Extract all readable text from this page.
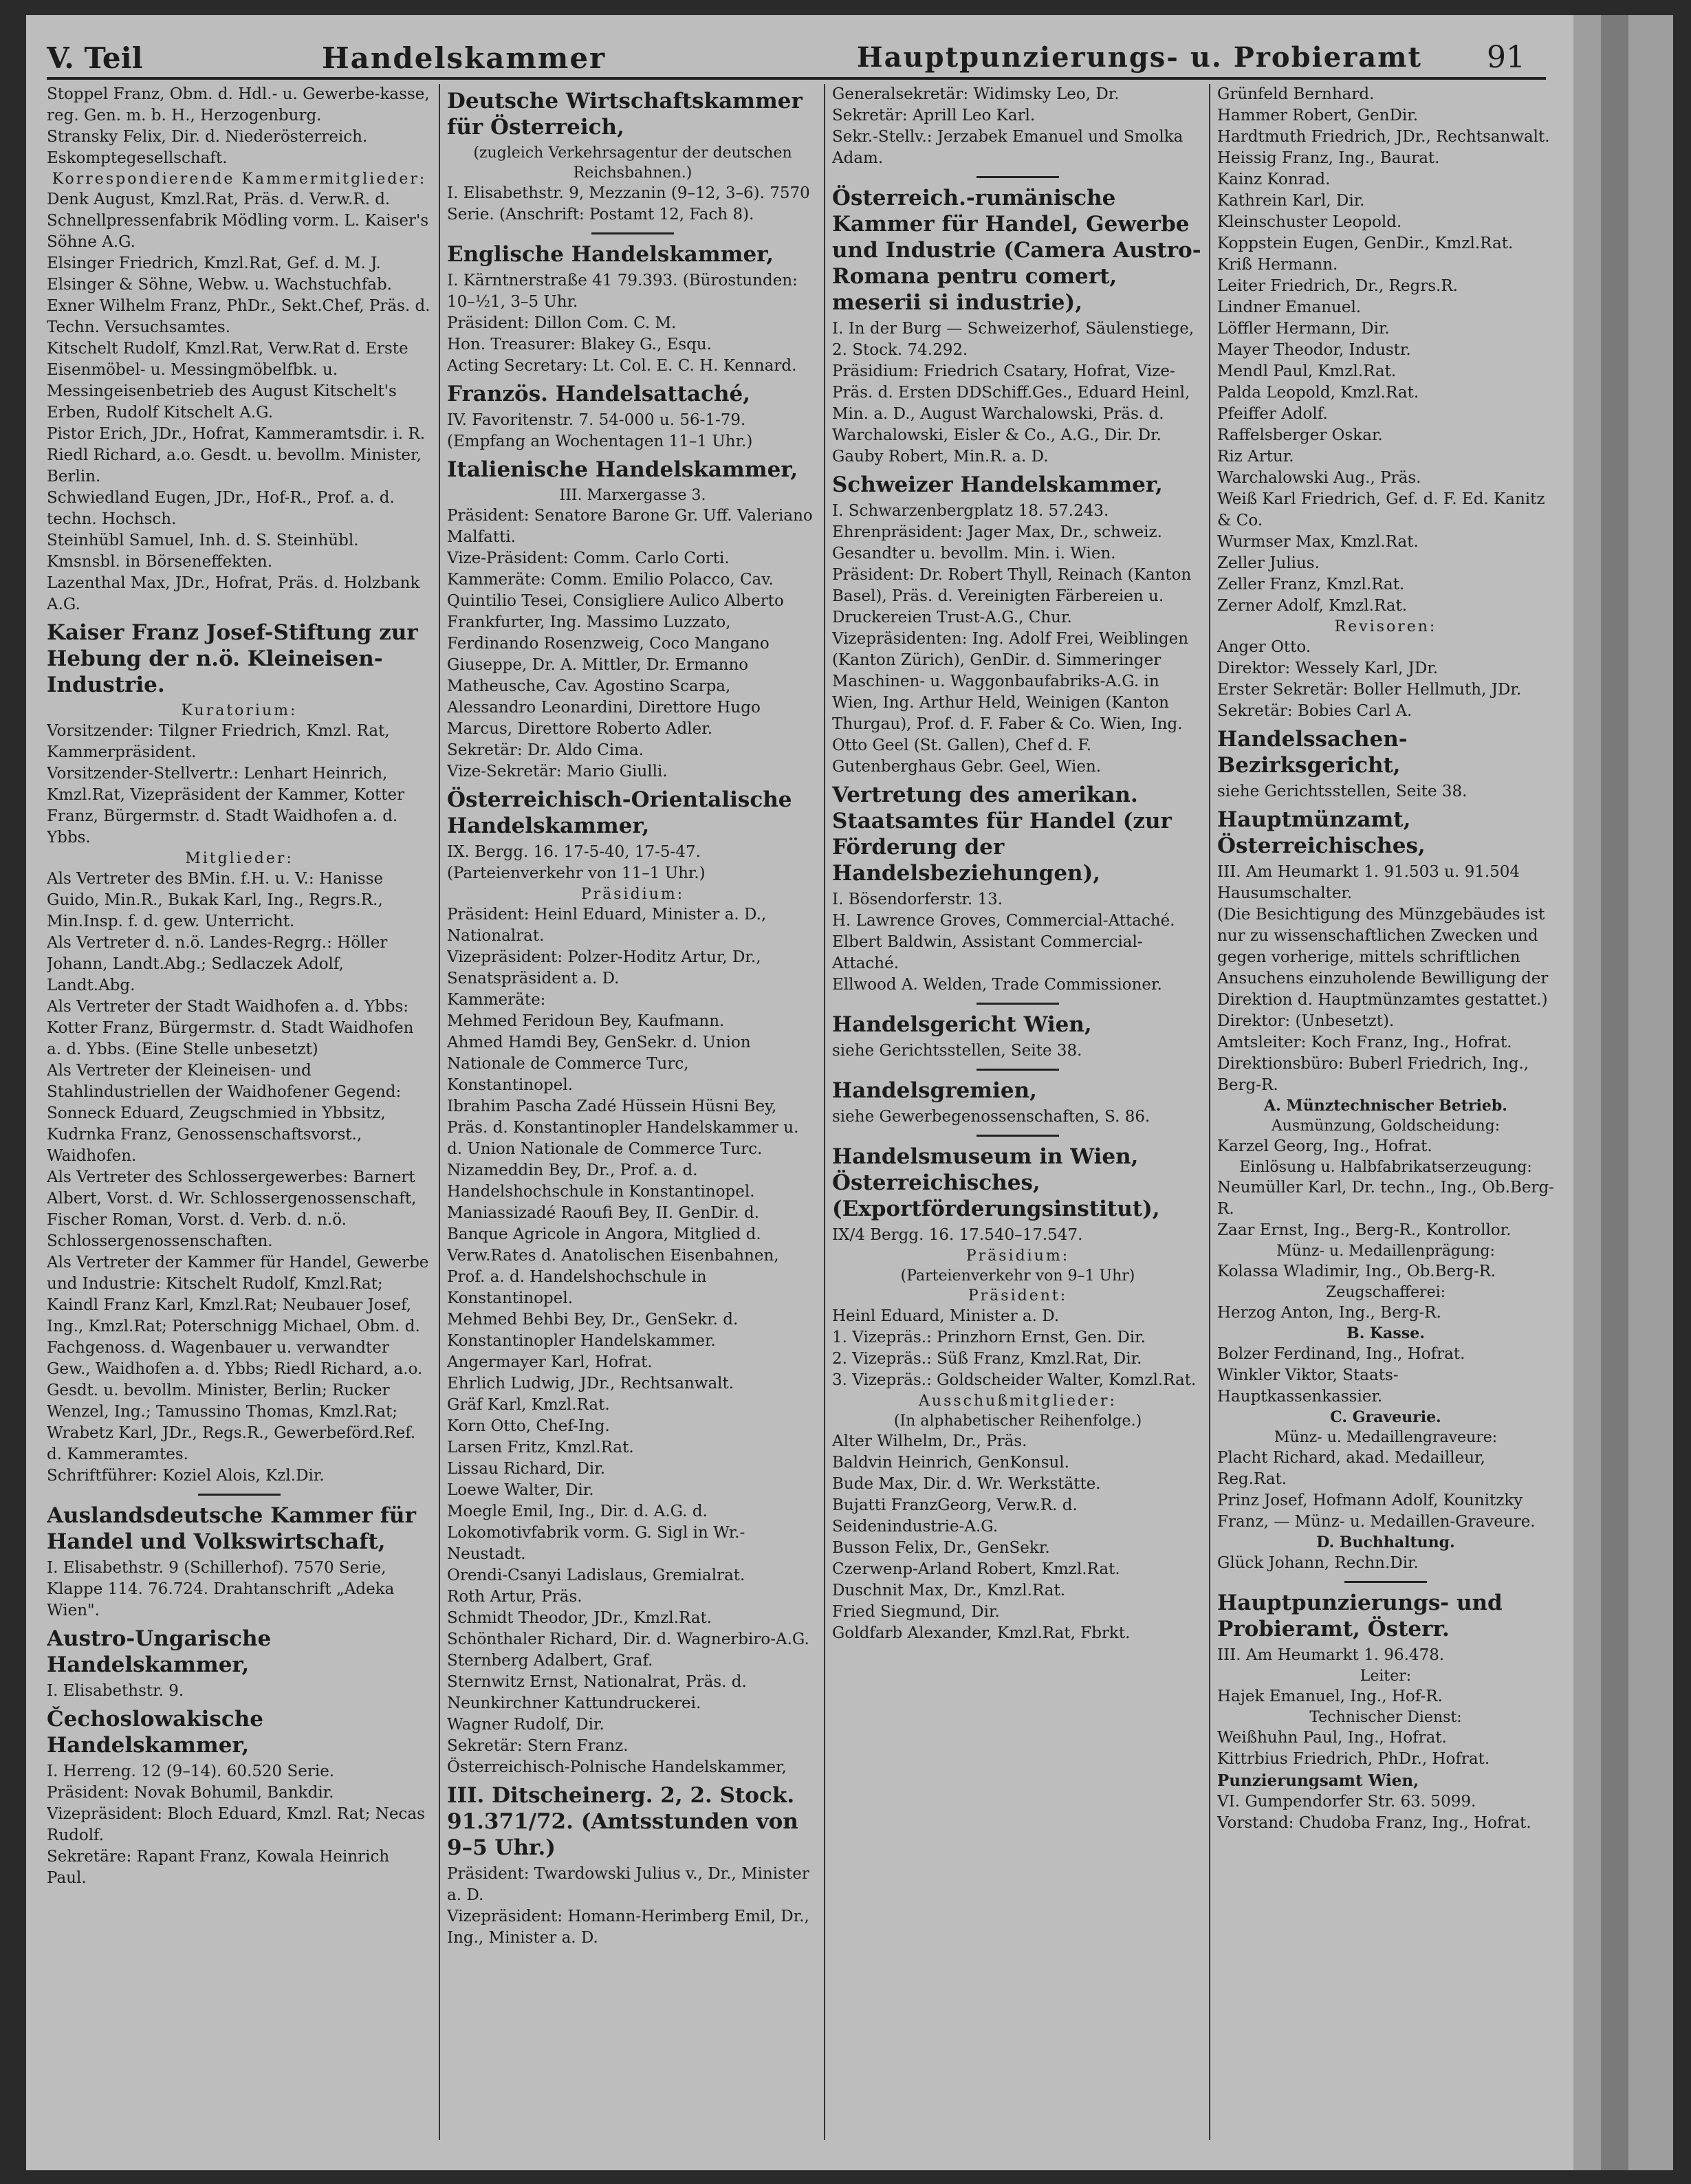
V. Teil	Handelskammer	Hauptpunzierungs- u. Probieramt 91

Stoppel Franz, Obm. d. Hdl.- u. Gewerbe-kasse, reg. Gen. m. b. H., Herzogenburg.

Stransky Felix, Dir. d. Niederösterreich. Eskomptegesellschaft.

Korrespondierende Kammermitglieder:

Denk August, Kmzl.Rat, Präs. d. Verw.R. d. Schnellpressenfabrik Mödling vorm. L. Kaiser's Söhne A.G.

Elsinger Friedrich, Kmzl.Rat, Gef. d. M. J. Elsinger & Söhne, Webw. u. Wachstuchfab.

Exner Wilhelm Franz, PhDr., Sekt.Chef, Präs. d. Techn. Versuchsamtes.

Kitschelt Rudolf, Kmzl.Rat, Verw.Rat d. Erste Eisenmöbel- u. Messingmöbelfbk. u. Messingeisenbetrieb des August Kitschelt's Erben, Rudolf Kitschelt A.G.

Pistor Erich, JDr., Hofrat, Kammeramtsdir. i. R.

Riedl Richard, a.o. Gesdt. u. bevollm. Minister, Berlin.

Schwiedland Eugen, JDr., Hof-R., Prof. a. d. techn. Hochsch.

Steinhübl Samuel, Inh. d. S. Steinhübl. Kmsnsbl. in Börseneffekten.

Lazenthal Max, JDr., Hofrat, Präs. d. Holzbank A.G.

Kaiser Franz Josef-Stiftung zur Hebung der n.ö. Kleineisen-Industrie.

Kuratorium:

Vorsitzender: Tilgner Friedrich, Kmzl. Rat, Kammerpräsident.

Vorsitzender-Stellvertr.: Lenhart Heinrich, Kmzl.Rat, Vizepräsident der Kammer, Kotter Franz, Bürgermstr. d. Stadt Waidhofen a. d. Ybbs.

Mitglieder:

Als Vertreter des BMin. f.H. u. V.: Hanisse Guido, Min.R., Bukak Karl, Ing., Regrs.R., Min.Insp. f. d. gew. Unterricht.

Als Vertreter d. n.ö. Landes-Regrg.: Höller Johann, Landt.Abg.; Sedlaczek Adolf, Landt.Abg.

Als Vertreter der Stadt Waidhofen a. d. Ybbs: Kotter Franz, Bürgermstr. d. Stadt Waidhofen a. d. Ybbs. (Eine Stelle unbesetzt)

Als Vertreter der Kleineisen- und Stahlindustriellen der Waidhofener Gegend: Sonneck Eduard, Zeugschmied in Ybbsitz, Kudrnka Franz, Genossenschaftsvorst., Waidhofen.

Als Vertreter des Schlossergewerbes: Barnert Albert, Vorst. d. Wr. Schlossergenossenschaft, Fischer Roman, Vorst. d. Verb. d. n.ö. Schlossergenossenschaften.

Als Vertreter der Kammer für Handel, Gewerbe und Industrie: Kitschelt Rudolf, Kmzl.Rat; Kaindl Franz Karl, Kmzl.Rat; Neubauer Josef, Ing., Kmzl.Rat; Poterschnigg Michael, Obm. d. Fachgenoss. d. Wagenbauer u. verwandter Gew., Waidhofen a. d. Ybbs; Riedl Richard, a.o. Gesdt. u. bevollm. Minister, Berlin; Rucker Wenzel, Ing.; Tamussino Thomas, Kmzl.Rat; Wrabetz Karl, JDr., Regs.R., Gewerbeförd.Ref. d. Kammeramtes.

Schriftführer: Koziel Alois, Kzl.Dir.

Auslandsdeutsche Kammer für Handel und Volkswirtschaft,

I. Elisabethstr. 9 (Schillerhof). 7570 Serie, Klappe 114. 76.724. Drahtanschrift „Adeka Wien".

Austro-Ungarische Handelskammer,

I. Elisabethstr. 9.

Čechoslowakische Handelskammer,

I. Herreng. 12 (9–14). 60.520 Serie.

Präsident: Novak Bohumil, Bankdir.

Vizepräsident: Bloch Eduard, Kmzl. Rat; Necas Rudolf.

Sekretäre: Rapant Franz, Kowala Heinrich Paul.

Deutsche Wirtschaftskammer für Österreich,

(zugleich Verkehrsagentur der deutschen Reichsbahnen.)

I. Elisabethstr. 9, Mezzanin (9–12, 3–6). 7570 Serie. (Anschrift: Postamt 12, Fach 8).

Englische Handelskammer,

I. Kärntnerstraße 41 79.393. (Bürostunden: 10–½1, 3–5 Uhr.

Präsident: Dillon Com. C. M.

Hon. Treasurer: Blakey G., Esqu.

Acting Secretary: Lt. Col. E. C. H. Kennard.

Französ. Handelsattaché,

IV. Favoritenstr. 7. 54-000 u. 56-1-79. (Empfang an Wochentagen 11–1 Uhr.)

Italienische Handelskammer,

III. Marxergasse 3.

Präsident: Senatore Barone Gr. Uff. Valeriano Malfatti.

Vize-Präsident: Comm. Carlo Corti.

Kammeräte: Comm. Emilio Polacco, Cav. Quintilio Tesei, Consigliere Aulico Alberto Frankfurter, Ing. Massimo Luzzato, Ferdinando Rosenzweig, Coco Mangano Giuseppe, Dr. A. Mittler, Dr. Ermanno Matheusche, Cav. Agostino Scarpa, Alessandro Leonardini, Direttore Hugo Marcus, Direttore Roberto Adler.

Sekretär: Dr. Aldo Cima.

Vize-Sekretär: Mario Giulli.

Österreichisch-Orientalische Handelskammer,

IX. Bergg. 16. 17-5-40, 17-5-47. (Parteienverkehr von 11–1 Uhr.)

Präsidium:

Präsident: Heinl Eduard, Minister a. D., Nationalrat.

Vizepräsident: Polzer-Hoditz Artur, Dr., Senatspräsident a. D.

Kammeräte:

Mehmed Feridoun Bey, Kaufmann.

Ahmed Hamdi Bey, GenSekr. d. Union Nationale de Commerce Turc, Konstantinopel.

Ibrahim Pascha Zadé Hüssein Hüsni Bey, Präs. d. Konstantinopler Handelskammer u. d. Union Nationale de Commerce Turc.

Nizameddin Bey, Dr., Prof. a. d. Handelshochschule in Konstantinopel.

Maniassizadé Raoufi Bey, II. GenDir. d. Banque Agricole in Angora, Mitglied d. Verw.Rates d. Anatolischen Eisenbahnen, Prof. a. d. Handelshochschule in Konstantinopel.

Mehmed Behbi Bey, Dr., GenSekr. d. Konstantinopler Handelskammer.

Angermayer Karl, Hofrat.

Ehrlich Ludwig, JDr., Rechtsanwalt.

Gräf Karl, Kmzl.Rat.

Korn Otto, Chef-Ing.

Larsen Fritz, Kmzl.Rat.

Lissau Richard, Dir.

Loewe Walter, Dir.

Moegle Emil, Ing., Dir. d. A.G. d. Lokomotivfabrik vorm. G. Sigl in Wr.-Neustadt.

Orendi-Csanyi Ladislaus, Gremialrat.

Roth Artur, Präs.

Schmidt Theodor, JDr., Kmzl.Rat.

Schönthaler Richard, Dir. d. Wagnerbiro-A.G.

Sternberg Adalbert, Graf.

Sternwitz Ernst, Nationalrat, Präs. d. Neunkirchner Kattundruckerei.

Wagner Rudolf, Dir.

Sekretär: Stern Franz.

Österreichisch-Polnische Handelskammer,

III. Ditscheinerg. 2, 2. Stock. 91.371/72. (Amtsstunden von 9–5 Uhr.)

Präsident: Twardowski Julius v., Dr., Minister a. D.

Vizepräsident: Homann-Herimberg Emil, Dr., Ing., Minister a. D.

Generalsekretär: Widimsky Leo, Dr.

Sekretär: Aprill Leo Karl.

Sekr.-Stellv.: Jerzabek Emanuel und Smolka Adam.

Österreich.-rumänische Kammer für Handel, Gewerbe und Industrie (Camera Austro-Romana pentru comert, meserii si industrie),

I. In der Burg — Schweizerhof, Säulenstiege, 2. Stock. 74.292.

Präsidium: Friedrich Csatary, Hofrat, Vize-Präs. d. Ersten DDSchiff.Ges., Eduard Heinl, Min. a. D., August Warchalowski, Präs. d. Warchalowski, Eisler & Co., A.G., Dir. Dr. Gauby Robert, Min.R. a. D.

Schweizer Handelskammer,

I. Schwarzenbergplatz 18. 57.243.

Ehrenpräsident: Jager Max, Dr., schweiz. Gesandter u. bevollm. Min. i. Wien.

Präsident: Dr. Robert Thyll, Reinach (Kanton Basel), Präs. d. Vereinigten Färbereien u. Druckereien Trust-A.G., Chur.

Vizepräsidenten: Ing. Adolf Frei, Weiblingen (Kanton Zürich), GenDir. d. Simmeringer Maschinen- u. Waggonbaufabriks-A.G. in Wien, Ing. Arthur Held, Weinigen (Kanton Thurgau), Prof. d. F. Faber & Co. Wien, Ing. Otto Geel (St. Gallen), Chef d. F. Gutenberghaus Gebr. Geel, Wien.

Vertretung des amerikan. Staatsamtes für Handel (zur Förderung der Handelsbeziehungen),

I. Bösendorferstr. 13.

H. Lawrence Groves, Commercial-Attaché.

Elbert Baldwin, Assistant Commercial-Attaché.

Ellwood A. Welden, Trade Commissioner.

Handelsgericht Wien,

siehe Gerichtsstellen, Seite 38.

Handelsgremien,

siehe Gewerbegenossenschaften, S. 86.

Handelsmuseum in Wien, Österreichisches, (Exportförderungsinstitut),

IX/4 Bergg. 16. 17.540–17.547.

Präsidium:

(Parteienverkehr von 9–1 Uhr)

Präsident:

Heinl Eduard, Minister a. D.

1. Vizepräs.: Prinzhorn Ernst, Gen. Dir.

2. Vizepräs.: Süß Franz, Kmzl.Rat, Dir.

3. Vizepräs.: Goldscheider Walter, Komzl.Rat.

Ausschußmitglieder:

(In alphabetischer Reihenfolge.)

Alter Wilhelm, Dr., Präs.

Baldvin Heinrich, GenKonsul.

Bude Max, Dir. d. Wr. Werkstätte.

Bujatti FranzGeorg, Verw.R. d. Seidenindustrie-A.G.

Busson Felix, Dr., GenSekr.

Czerwenp-Arland Robert, Kmzl.Rat.

Duschnit Max, Dr., Kmzl.Rat.

Fried Siegmund, Dir.

Goldfarb Alexander, Kmzl.Rat, Fbrkt.

Grünfeld Bernhard.

Hammer Robert, GenDir.

Hardtmuth Friedrich, JDr., Rechtsanwalt.

Heissig Franz, Ing., Baurat.

Kainz Konrad.

Kathrein Karl, Dir.

Kleinschuster Leopold.

Koppstein Eugen, GenDir., Kmzl.Rat.

Kriß Hermann.

Leiter Friedrich, Dr., Regrs.R.

Lindner Emanuel.

Löffler Hermann, Dir.

Mayer Theodor, Industr.

Mendl Paul, Kmzl.Rat.

Palda Leopold, Kmzl.Rat.

Pfeiffer Adolf.

Raffelsberger Oskar.

Riz Artur.

Warchalowski Aug., Präs.

Weiß Karl Friedrich, Gef. d. F. Ed. Kanitz & Co.

Wurmser Max, Kmzl.Rat.

Zeller Julius.

Zeller Franz, Kmzl.Rat.

Zerner Adolf, Kmzl.Rat.

Revisoren:

Anger Otto.

Direktor: Wessely Karl, JDr.

Erster Sekretär: Boller Hellmuth, JDr.

Sekretär: Bobies Carl A.

Handelssachen-Bezirksgericht,

siehe Gerichtsstellen, Seite 38.

Hauptmünzamt, Österreichisches,

III. Am Heumarkt 1. 91.503 u. 91.504 Hausumschalter.

(Die Besichtigung des Münzgebäudes ist nur zu wissenschaftlichen Zwecken und gegen vorherige, mittels schriftlichen Ansuchens einzuholende Bewilligung der Direktion d. Hauptmünzamtes gestattet.)

Direktor: (Unbesetzt).

Amtsleiter: Koch Franz, Ing., Hofrat.

Direktionsbüro: Buberl Friedrich, Ing., Berg-R.

A. Münztechnischer Betrieb.

Ausmünzung, Goldscheidung:

Karzel Georg, Ing., Hofrat.

Einlösung u. Halbfabrikatserzeugung:

Neumüller Karl, Dr. techn., Ing., Ob.Berg-R.

Zaar Ernst, Ing., Berg-R., Kontrollor.

Münz- u. Medaillenprägung:

Kolassa Wladimir, Ing., Ob.Berg-R.

Zeugschafferei:

Herzog Anton, Ing., Berg-R.

B. Kasse.

Bolzer Ferdinand, Ing., Hofrat.

Winkler Viktor, Staats-Hauptkassenkassier.

C. Graveurie.

Münz- u. Medaillengraveure:

Placht Richard, akad. Medailleur, Reg.Rat.

Prinz Josef, Hofmann Adolf, Kounitzky Franz, — Münz- u. Medaillen-Graveure.

D. Buchhaltung.

Glück Johann, Rechn.Dir.

Hauptpunzierungs- und Probieramt, Österr.

III. Am Heumarkt 1. 96.478.

Leiter:

Hajek Emanuel, Ing., Hof-R.

Technischer Dienst:

Weißhuhn Paul, Ing., Hofrat.

Kittrbius Friedrich, PhDr., Hofrat.

Punzierungsamt Wien,

VI. Gumpendorfer Str. 63. 5099.

Vorstand: Chudoba Franz, Ing., Hofrat.
